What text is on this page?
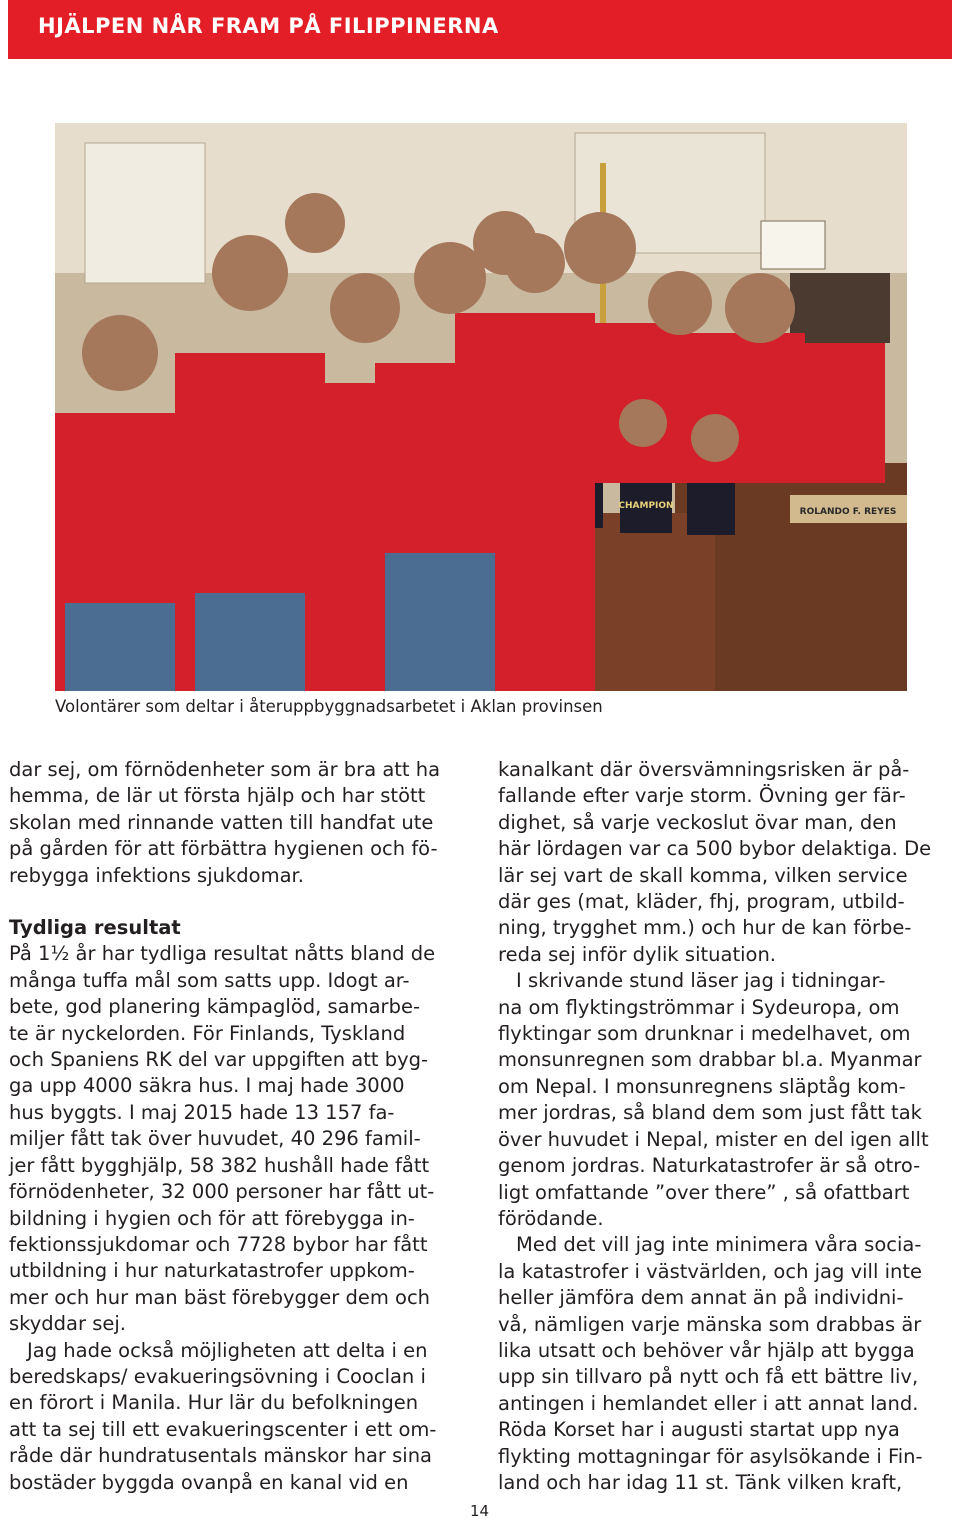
HJÄLPEN NÅR FRAM PÅ FILIPPINERNA
CHAMPION
ROLANDO F. REYES
Volontärer som deltar i återuppbyggnadsarbetet i Aklan provinsen

dar sej, om förnödenheter som är bra att ha
hemma, de lär ut första hjälp och har stött
skolan med rinnande vatten till handfat ute
på gården för att förbättra hygienen och fö-
rebygga infektions sjukdomar.

Tydliga resultat

På 1½ år har tydliga resultat nåtts bland de
många tuffa mål som satts upp. Idogt ar-
bete, god planering kämpaglöd, samarbe-
te är nyckelorden. För Finlands, Tyskland
och Spaniens RK del var uppgiften att byg-
ga upp 4000 säkra hus. I maj hade 3000
hus byggts. I maj 2015 hade 13 157 fa-
miljer fått tak över huvudet, 40 296 famil-
jer fått bygghjälp, 58 382 hushåll hade fått
förnödenheter, 32 000 personer har fått ut-
bildning i hygien och för att förebygga in-
fektionssjukdomar och 7728 bybor har fått
utbildning i hur naturkatastrofer uppkom-
mer och hur man bäst förebygger dem och
skyddar sej.

Jag hade också möjligheten att delta i en
beredskaps/ evakueringsövning i Cooclan i
en förort i Manila. Hur lär du befolkningen
att ta sej till ett evakueringscenter i ett om-
råde där hundratusentals mänskor har sina
bostäder byggda ovanpå en kanal vid en

kanalkant där översvämningsrisken är på-
fallande efter varje storm. Övning ger fär-
dighet, så varje veckoslut övar man, den
här lördagen var ca 500 bybor delaktiga. De
lär sej vart de skall komma, vilken service
där ges (mat, kläder, fhj, program, utbild-
ning, trygghet mm.) och hur de kan förbe-
reda sej inför dylik situation.

I skrivande stund läser jag i tidningar-
na om flyktingströmmar i Sydeuropa, om
flyktingar som drunknar i medelhavet, om
monsunregnen som drabbar bl.a. Myanmar
om Nepal. I monsunregnens släptåg kom-
mer jordras, så bland dem som just fått tak
över huvudet i Nepal, mister en del igen allt
genom jordras. Naturkatastrofer är så otro-
ligt omfattande ”over there” , så ofattbart
förödande.

Med det vill jag inte minimera våra socia-
la katastrofer i västvärlden, och jag vill inte
heller jämföra dem annat än på individni-
vå, nämligen varje mänska som drabbas är
lika utsatt och behöver vår hjälp att bygga
upp sin tillvaro på nytt och få ett bättre liv,
antingen i hemlandet eller i att annat land.
Röda Korset har i augusti startat upp nya
flykting mottagningar för asylsökande i Fin-
land och har idag 11 st. Tänk vilken kraft,

14
